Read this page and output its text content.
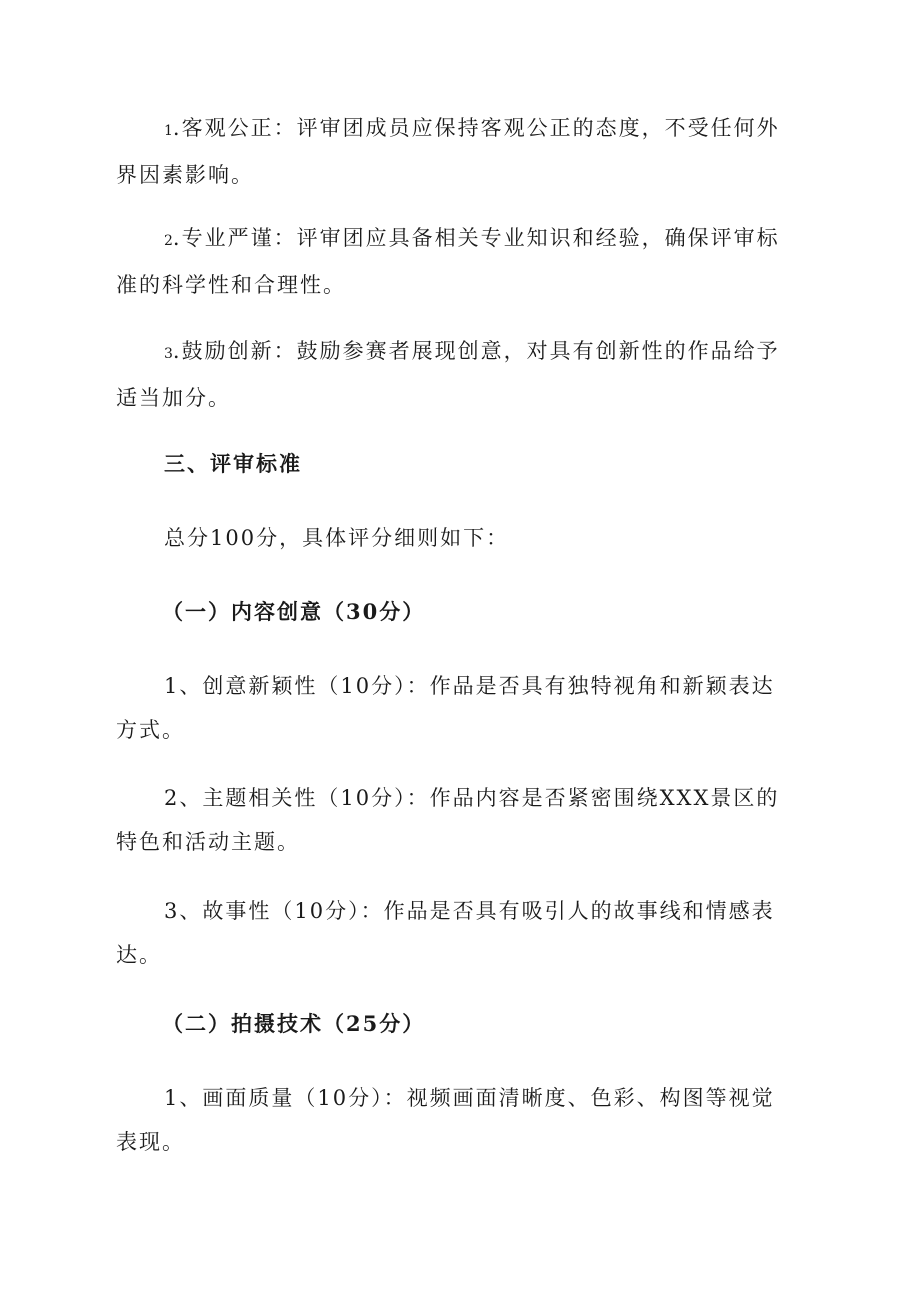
1.客观公正：评审团成员应保持客观公正的态度，不受任何外界因素影响。

2.专业严谨：评审团应具备相关专业知识和经验，确保评审标准的科学性和合理性。

3.鼓励创新：鼓励参赛者展现创意，对具有创新性的作品给予适当加分。

三、评审标准

总分100分，具体评分细则如下：

（一）内容创意（30分）

1、创意新颖性（10分）：作品是否具有独特视角和新颖表达方式。

2、主题相关性（10分）：作品内容是否紧密围绕XXX景区的特色和活动主题。

3、故事性（10分）：作品是否具有吸引人的故事线和情感表达。

（二）拍摄技术（25分）

1、画面质量（10分）：视频画面清晰度、色彩、构图等视觉表现。
